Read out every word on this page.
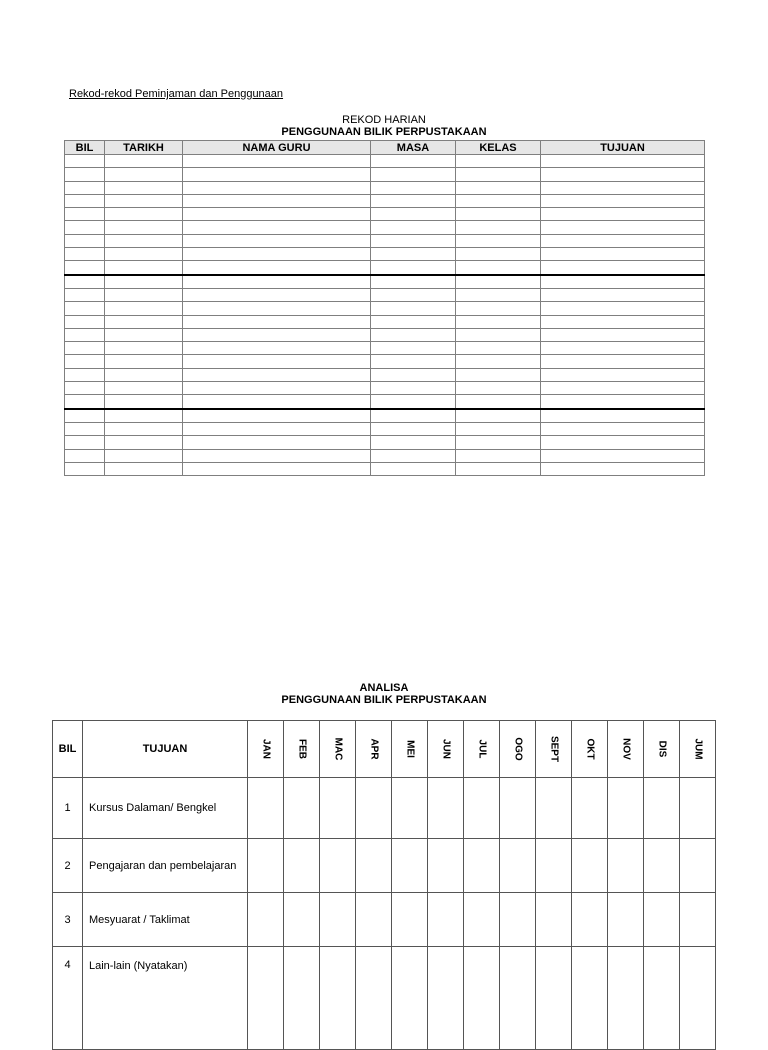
Rekod-rekod Peminjaman dan Penggunaan
REKOD HARIAN
PENGGUNAAN BILIK PERPUSTAKAAN
BIL	TARIKH	NAMA GURU	MASA	KELAS	TUJUAN

ANALISA
PENGGUNAAN BILIK PERPUSTAKAAN
BIL	TUJUAN	JAN	FEB	MAC	APR	MEI	JUN	JUL	OGO	SEPT	OKT	NOV	DIS	JUM

1	Kursus Dalaman/ Bengkel													
2	Pengajaran dan pembelajaran													
3	Mesyuarat / Taklimat													
4	Lain-lain (Nyatakan)													
